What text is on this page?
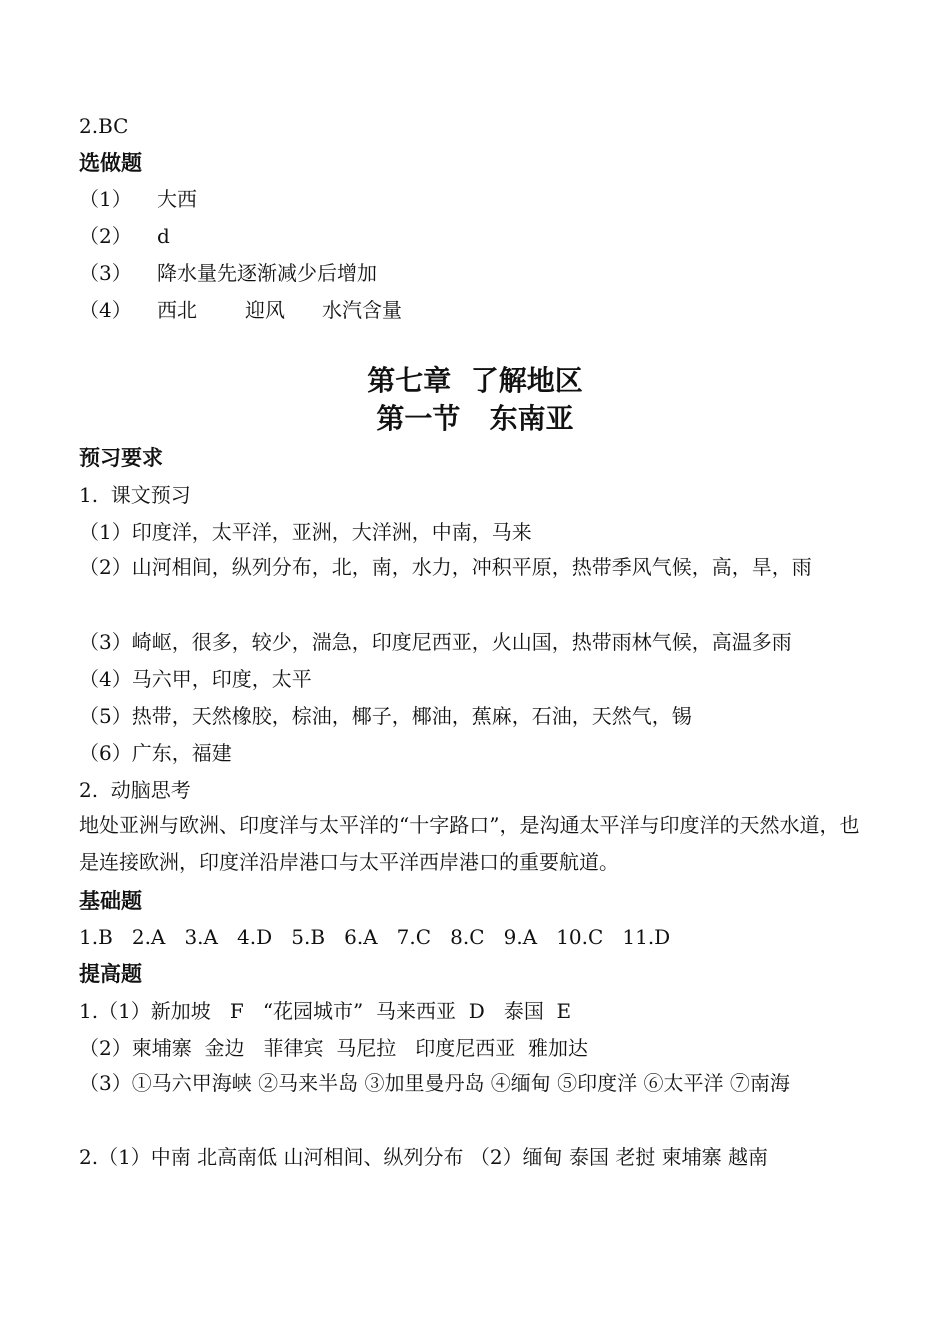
2.BC
选做题
（1） 大西
（2） d
（3） 降水量先逐渐减少后增加
（4） 西北 迎风 水汽含量
第七章  了解地区
第一节   东南亚
预习要求
1.  课文预习
（1）印度洋，太平洋，亚洲，大洋洲，中南，马来
（2）山河相间，纵列分布，北，南，水力，冲积平原，热带季风气候，高，旱，雨
（3）崎岖，很多，较少，湍急，印度尼西亚，火山国，热带雨林气候，高温多雨
（4）马六甲，印度，太平
（5）热带，天然橡胶，棕油，椰子，椰油，蕉麻，石油，天然气，锡
（6）广东，福建
2.  动脑思考
地处亚洲与欧洲、印度洋与太平洋的“十字路口”，是沟通太平洋与印度洋的天然水道，也是连接欧洲，印度洋沿岸港口与太平洋西岸港口的重要航道。
基础题
1.B   2.A   3.A   4.D   5.B   6.A   7.C   8.C   9.A   10.C   11.D
提高题
1.（1）新加坡   F   “花园城市”  马来西亚  D   泰国  E
（2）柬埔寨  金边   菲律宾  马尼拉   印度尼西亚  雅加达
（3）①马六甲海峡 ②马来半岛 ③加里曼丹岛 ④缅甸 ⑤印度洋 ⑥太平洋 ⑦南海
2.（1）中南 北高南低 山河相间、纵列分布 （2）缅甸 泰国 老挝 柬埔寨 越南
